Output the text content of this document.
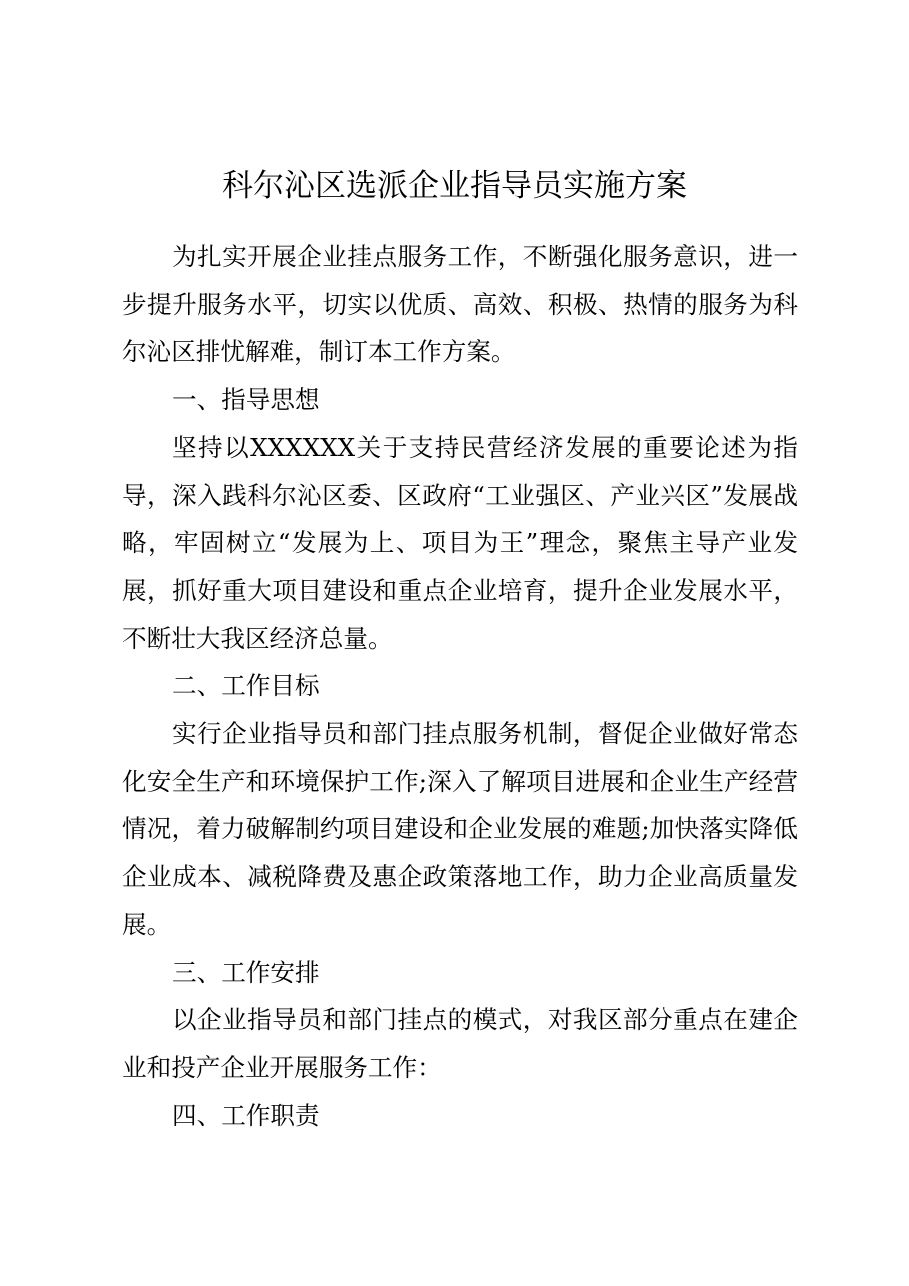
科尔沁区选派企业指导员实施方案

为扎实开展企业挂点服务工作，不断强化服务意识，进一步提升服务水平，切实以优质、高效、积极、热情的服务为科尔沁区排忧解难，制订本工作方案。

一、指导思想

坚持以XXXXXX关于支持民营经济发展的重要论述为指导，深入践科尔沁区委、区政府“工业强区、产业兴区”发展战略，牢固树立“发展为上、项目为王”理念，聚焦主导产业发展，抓好重大项目建设和重点企业培育，提升企业发展水平，不断壮大我区经济总量。

二、工作目标

实行企业指导员和部门挂点服务机制，督促企业做好常态化安全生产和环境保护工作;深入了解项目进展和企业生产经营情况，着力破解制约项目建设和企业发展的难题;加快落实降低企业成本、减税降费及惠企政策落地工作，助力企业高质量发展。

三、工作安排

以企业指导员和部门挂点的模式，对我区部分重点在建企业和投产企业开展服务工作：

四、工作职责
